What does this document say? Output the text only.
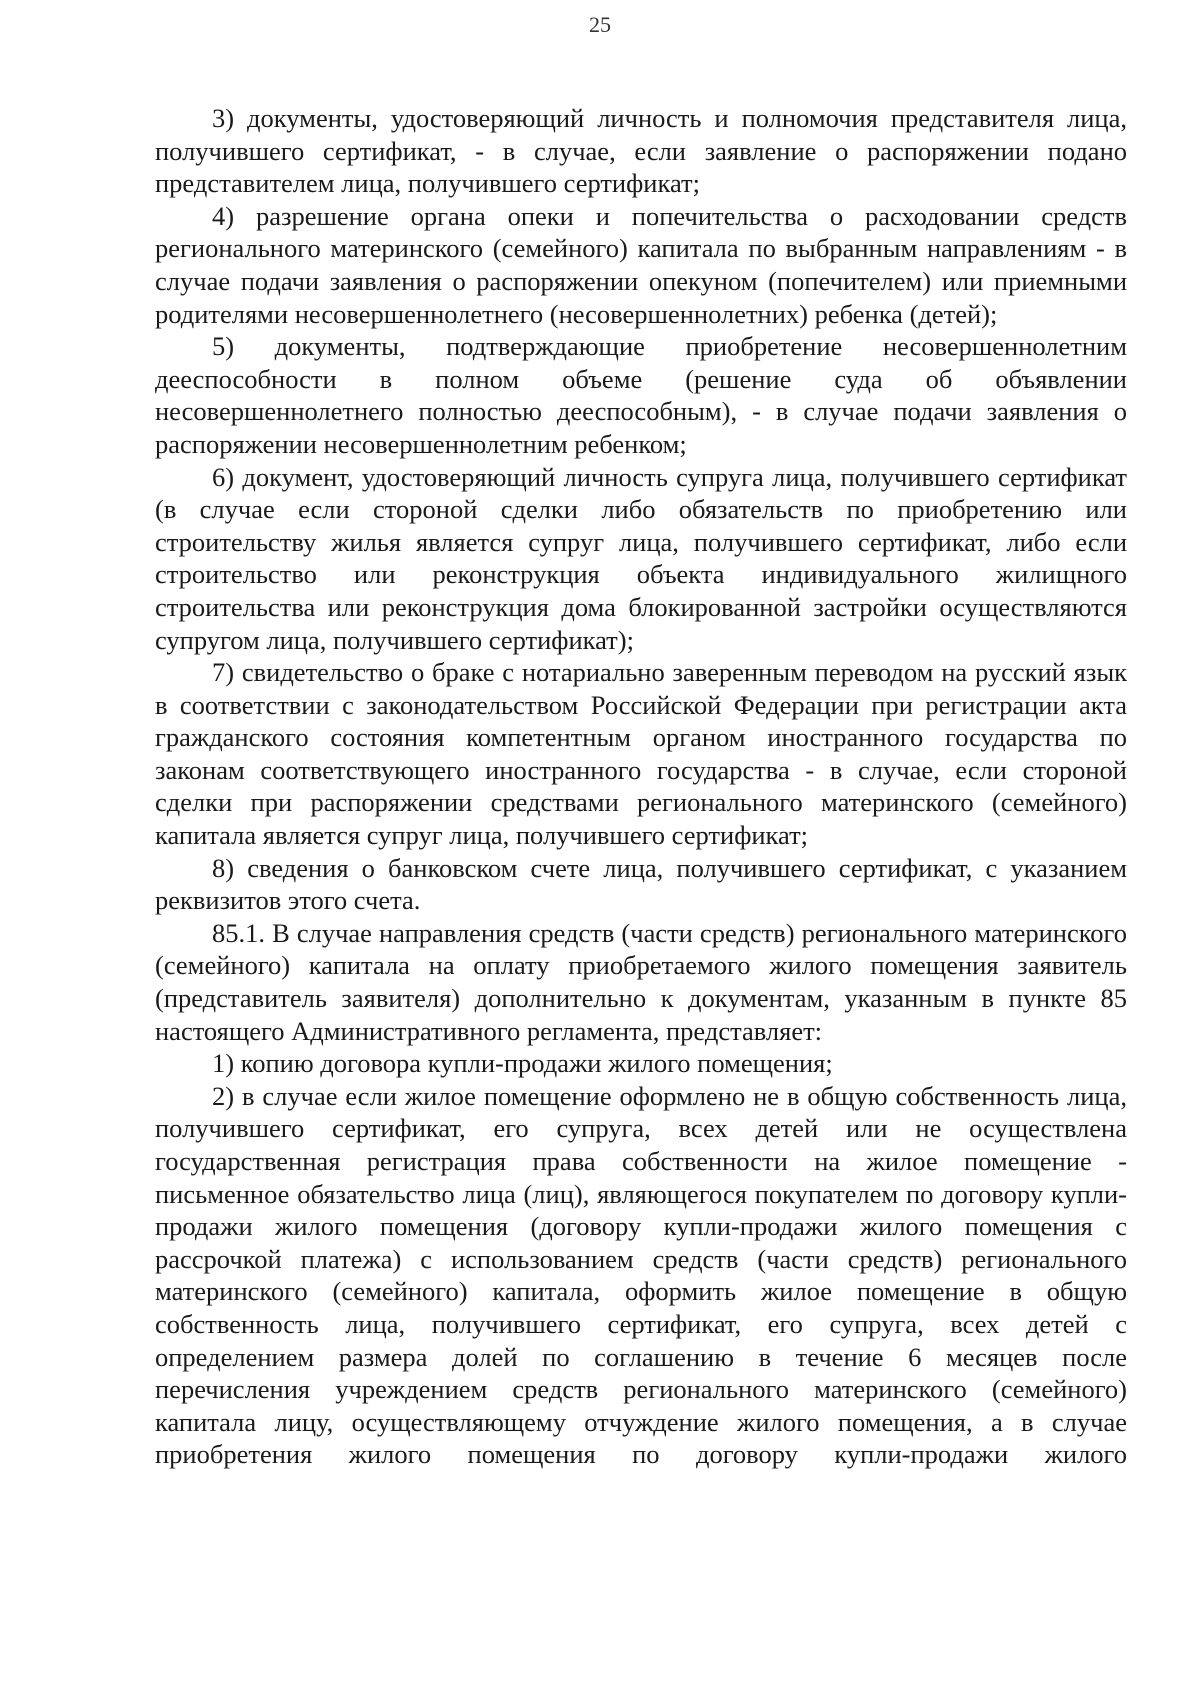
25

3) документы, удостоверяющий личность и полномочия представителя лица, получившего сертификат, - в случае, если заявление о распоряжении подано представителем лица, получившего сертификат;

4) разрешение органа опеки и попечительства о расходовании средств регионального материнского (семейного) капитала по выбранным направлениям - в случае подачи заявления о распоряжении опекуном (попечителем) или приемными родителями несовершеннолетнего (несовершеннолетних) ребенка (детей);

5) документы, подтверждающие приобретение несовершеннолетним дееспособности в полном объеме (решение суда об объявлении несовершеннолетнего полностью дееспособным), - в случае подачи заявления о распоряжении несовершеннолетним ребенком;

6) документ, удостоверяющий личность супруга лица, получившего сертификат (в случае если стороной сделки либо обязательств по приобретению или строительству жилья является супруг лица, получившего сертификат, либо если строительство или реконструкция объекта индивидуального жилищного строительства или реконструкция дома блокированной застройки осуществляются супругом лица, получившего сертификат);

7) свидетельство о браке с нотариально заверенным переводом на русский язык в соответствии с законодательством Российской Федерации при регистрации акта гражданского состояния компетентным органом иностранного государства по законам соответствующего иностранного государства - в случае, если стороной сделки при распоряжении средствами регионального материнского (семейного) капитала является супруг лица, получившего сертификат;

8) сведения о банковском счете лица, получившего сертификат, с указанием реквизитов этого счета.

85.1. В случае направления средств (части средств) регионального материнского (семейного) капитала на оплату приобретаемого жилого помещения заявитель (представитель заявителя) дополнительно к документам, указанным в пункте 85 настоящего Административного регламента, представляет:

1) копию договора купли-продажи жилого помещения;

2) в случае если жилое помещение оформлено не в общую собственность лица, получившего сертификат, его супруга, всех детей или не осуществлена государственная регистрация права собственности на жилое помещение - письменное обязательство лица (лиц), являющегося покупателем по договору купли-продажи жилого помещения (договору купли-продажи жилого помещения с рассрочкой платежа) с использованием средств (части средств) регионального материнского (семейного) капитала, оформить жилое помещение в общую собственность лица, получившего сертификат, его супруга, всех детей с определением размера долей по соглашению в течение 6 месяцев после перечисления учреждением средств регионального материнского (семейного) капитала лицу, осуществляющему отчуждение жилого помещения, а в случае приобретения жилого помещения по договору купли-продажи жилого
